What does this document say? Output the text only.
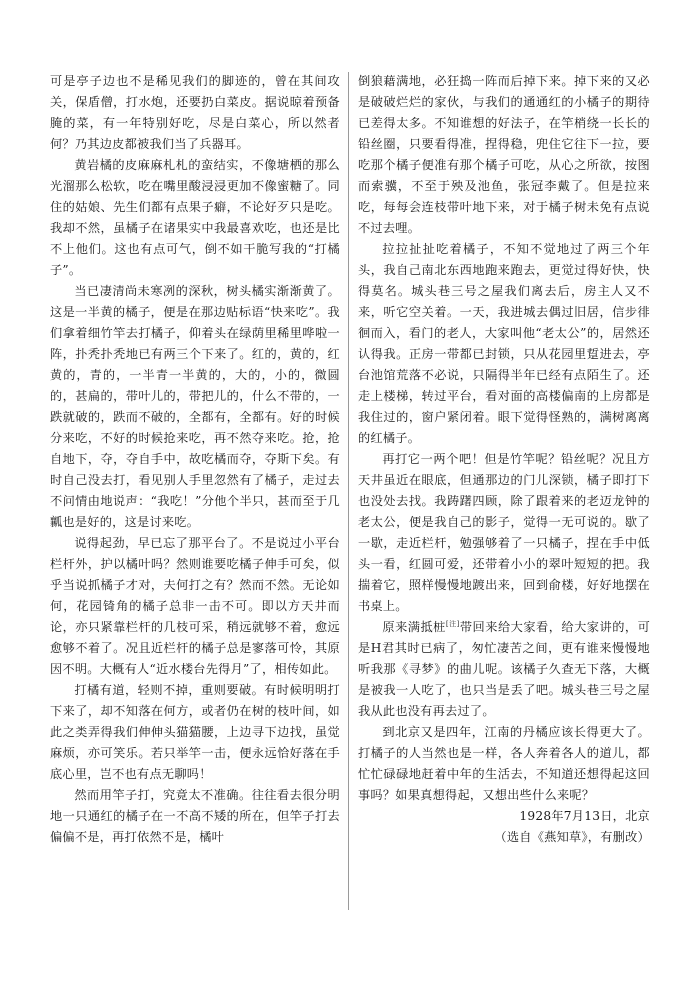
可是亭子边也不是稀见我们的脚迹的，曾在其间攻关，保盾僧，打水炮，还要扔白菜皮。据说晾着预备腌的菜，有一年特别好吃，尽是白菜心，所以然者何？乃其边皮都被我们当了兵器耳。

黄岩橘的皮麻麻札札的蛮结实，不像塘栖的那么光溜那么松软，吃在嘴里酸浸浸更加不像蜜糖了。同住的姑娘、先生们都有点果子癖，不论好歹只是吃。我却不然，虽橘子在诸果实中我最喜欢吃，也还是比不上他们。这也有点可气，倒不如干脆写我的“打橘子”。

当已凄清尚未寒冽的深秋，树头橘实渐渐黄了。这是一半黄的橘子，便是在那边贴标语“快来吃”。我们拿着细竹竿去打橘子，仰着头在绿荫里稀里哗啦一阵，扑秃扑秃地已有两三个下来了。红的，黄的，红黄的，青的，一半青一半黄的，大的，小的，微圆的，甚扁的，带叶儿的，带把儿的，什么不带的，一跌就破的，跌而不破的，全都有，全都有。好的时候分来吃，不好的时候抢来吃，再不然夺来吃。抢，抢自地下，夺，夺自手中，故吃橘而夺，夺斯下矣。有时自己没去打，看见别人手里忽然有了橘子，走过去不问情由地说声：“我吃！”分他个半只，甚而至于几瓤也是好的，这是讨来吃。

说得起劲，早已忘了那平台了。不是说过小平台栏杆外，护以橘叶吗？然则谁要吃橘子伸手可矣，似乎当说抓橘子才对，夫何打之有？然而不然。无论如何，花园锜角的橘子总非一击不可。即以方天井而论，亦只紧靠栏杆的几枝可采，稍远就够不着，愈远愈够不着了。况且近栏杆的橘子总是寥落可怜，其原因不明。大概有人“近水楼台先得月”了，相传如此。

打橘有道，轻则不掉，重则要破。有时候明明打下来了，却不知落在何方，或者仍在树的枝叶间，如此之类弄得我们伸伸头猫猫腰，上边寻下边找，虽觉麻烦，亦可笑乐。若只举竿一击，便永远恰好落在手底心里，岂不也有点无聊吗！

然而用竿子打，究竟太不准确。往往看去很分明地一只通红的橘子在一不高不矮的所在，但竿子打去偏偏不是，再打依然不是，橘叶

倒狼藉满地，必狂捣一阵而后掉下来。掉下来的又必是破破烂烂的家伙，与我们的通通红的小橘子的期待已差得太多。不知谁想的好法子，在竿梢绕一长长的铅丝圈，只要看得准，捏得稳，兜住它往下一拉，要吃那个橘子便准有那个橘子可吃，从心之所欲，按图而索骥，不至于殃及池鱼，张冠李戴了。但是拉来吃，每每会连枝带叶地下来，对于橘子树未免有点说不过去哩。

拉拉扯扯吃着橘子，不知不觉地过了两三个年头，我自己南北东西地跑来跑去，更觉过得好快，快得莫名。城头巷三号之屋我们离去后，房主人又不来，听它空关着。一天，我进城去偶过旧居，信步徘徊而入，看门的老人，大家叫他“老太公”的，居然还认得我。正房一带都已封锁，只从花园里踅进去，亭台池馆荒落不必说，只隔得半年已经有点陌生了。还走上楼梯，转过平台，看对面的高楼偏南的上房都是我住过的，窗户紧闭着。眼下觉得怪熟的，满树离离的红橘子。

再打它一两个吧！但是竹竿呢？铅丝呢？况且方天井虽近在眼底，但通那边的门儿深锁，橘子即打下也没处去找。我踌躇四顾，除了跟着来的老迈龙钟的老太公，便是我自己的影子，觉得一无可说的。歇了一歇，走近栏杆，勉强够着了一只橘子，捏在手中低头一看，红圆可爱，还带着小小的翠叶短短的把。我揣着它，照样慢慢地踱出来，回到俞楼，好好地摆在书桌上。

原来满抵桩[注]带回来给大家看，给大家讲的，可是H君其时已病了，匆忙凄苦之间，更有谁来慢慢地听我那《寻梦》的曲儿呢。该橘子久查无下落，大概是被我一人吃了，也只当是丢了吧。城头巷三号之屋我从此也没有再去过了。

到北京又是四年，江南的丹橘应该长得更大了。打橘子的人当然也是一样，各人奔着各人的道儿，都忙忙碌碌地赶着中年的生活去，不知道还想得起这回事吗？如果真想得起，又想出些什么来呢？

1928年7月13日，北京

（选自《燕知草》，有删改）
